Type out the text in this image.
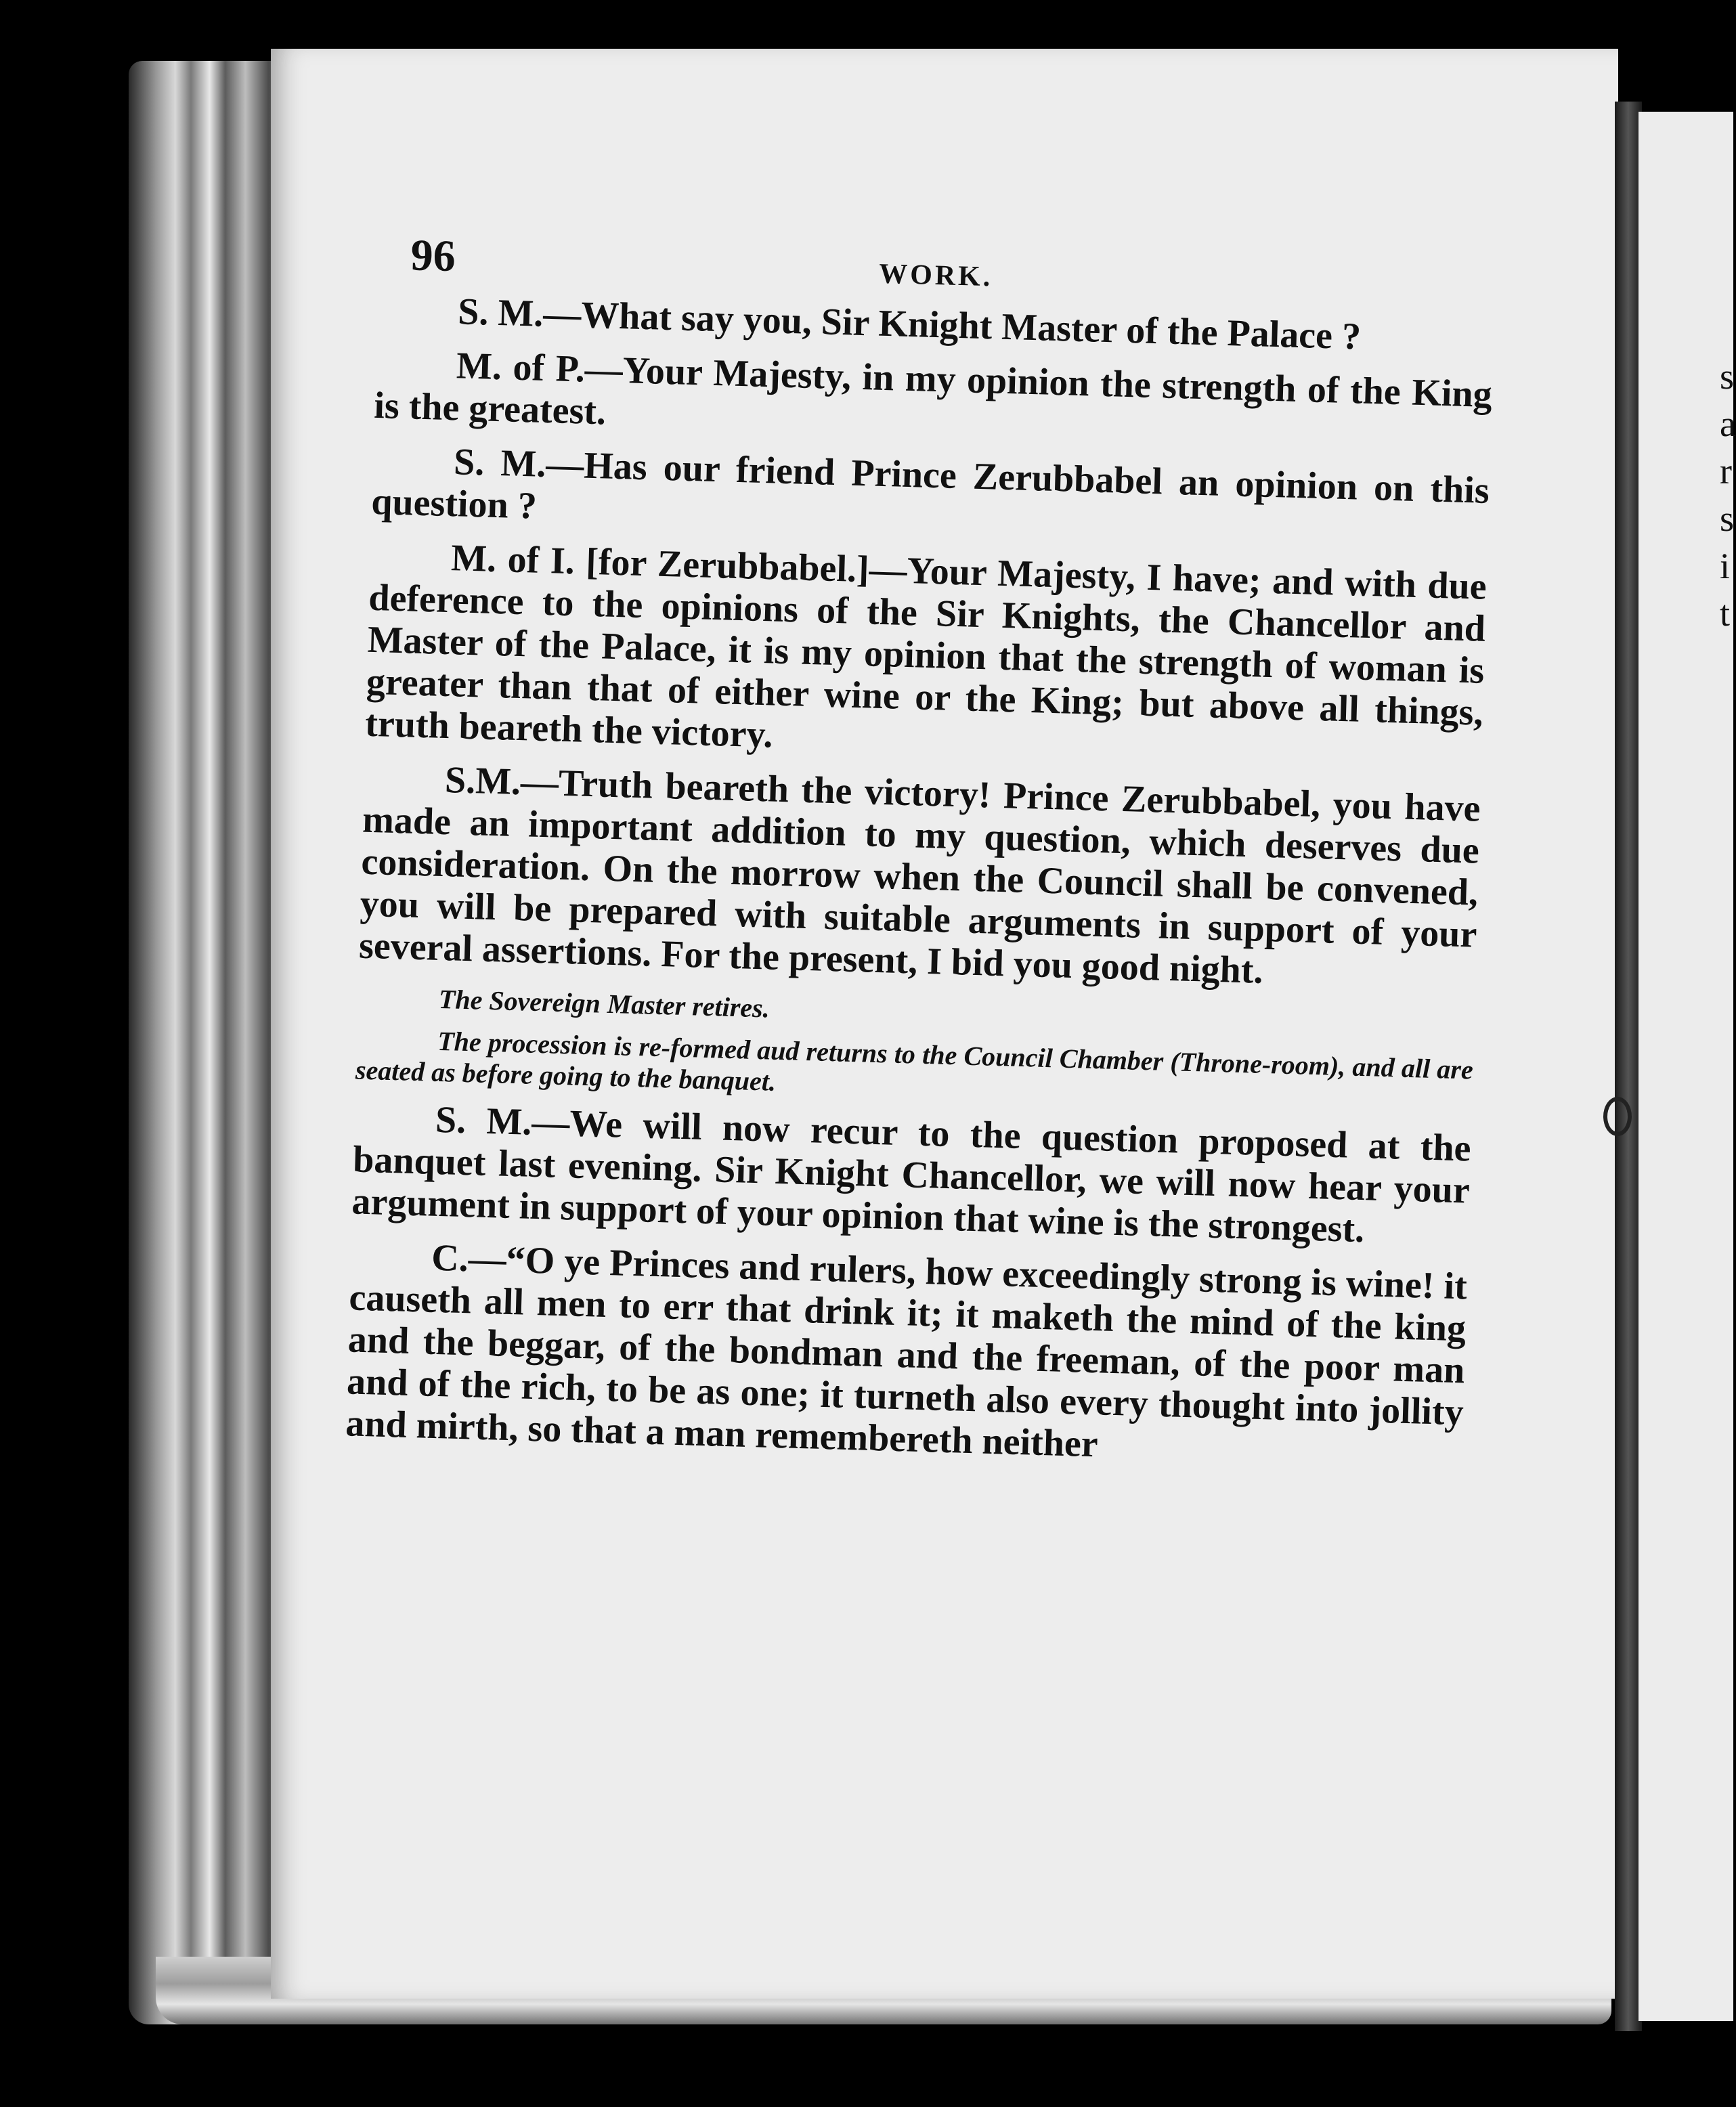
s
a
r
s
i
t
96	WORK.

S. M.—What say you, Sir Knight Master of the Palace ?

M. of P.—Your Majesty, in my opinion the strength of the King is the greatest.

S. M.—Has our friend Prince Zerubbabel an opinion on this question ?

M. of I. [for Zerubbabel.]—Your Majesty, I have; and with due deference to the opinions of the Sir Knights, the Chancellor and Master of the Palace, it is my opinion that the strength of woman is greater than that of either wine or the King; but above all things, truth beareth the victory.

S.M.—Truth beareth the victory! Prince Zerubbabel, you have made an important addition to my question, which deserves due consideration. On the morrow when the Council shall be convened, you will be prepared with suitable arguments in support of your several assertions. For the present, I bid you good night.

The Sovereign Master retires.

The procession is re-formed aud returns to the Council Chamber (Throne-room), and all are seated as before going to the banquet.

S. M.—We will now recur to the question proposed at the banquet last evening. Sir Knight Chancellor, we will now hear your argument in support of your opinion that wine is the strongest.

C.—“O ye Princes and rulers, how exceedingly strong is wine! it causeth all men to err that drink it; it maketh the mind of the king and the beggar, of the bondman and the freeman, of the poor man and of the rich, to be as one; it turneth also every thought into jollity and mirth, so that a man remembereth neither
